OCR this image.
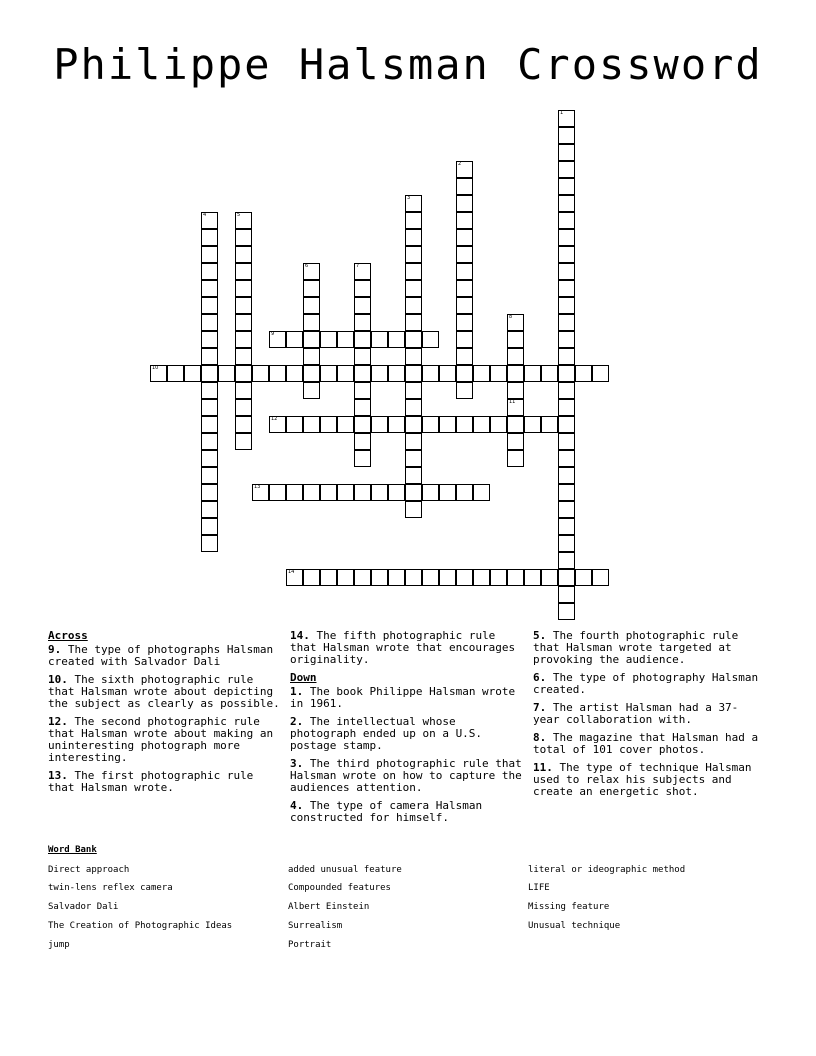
Philippe Halsman Crossword
1
2
3
4	5
6	7
8
9
10
11
12
13
14
Across
9. The type of photographs Halsman created with Salvador Dali
10. The sixth photographic rule that Halsman wrote about depicting the subject as clearly as possible.
12. The second photographic rule that Halsman wrote about making an uninteresting photograph more interesting.
13. The first photographic rule that Halsman wrote.
14. The fifth photographic rule that Halsman wrote that encourages originality.
Down
1. The book Philippe Halsman wrote in 1961.
2. The intellectual whose photograph ended up on a U.S. postage stamp.
3. The third photographic rule that Halsman wrote on how to capture the audiences attention.
4. The type of camera Halsman constructed for himself.
5. The fourth photographic rule that Halsman wrote targeted at provoking the audience.
6. The type of photography Halsman created.
7. The artist Halsman had a 37- year collaboration with.
8. The magazine that Halsman had a total of 101 cover photos.
11. The type of technique Halsman used to relax his subjects and create an energetic shot.
Word Bank
Direct approach
twin-lens reflex camera
Salvador Dali
The Creation of Photographic Ideas
jump
added unusual feature
Compounded features
Albert Einstein
Surrealism
Portrait
literal or ideographic method
LIFE
Missing feature
Unusual technique
